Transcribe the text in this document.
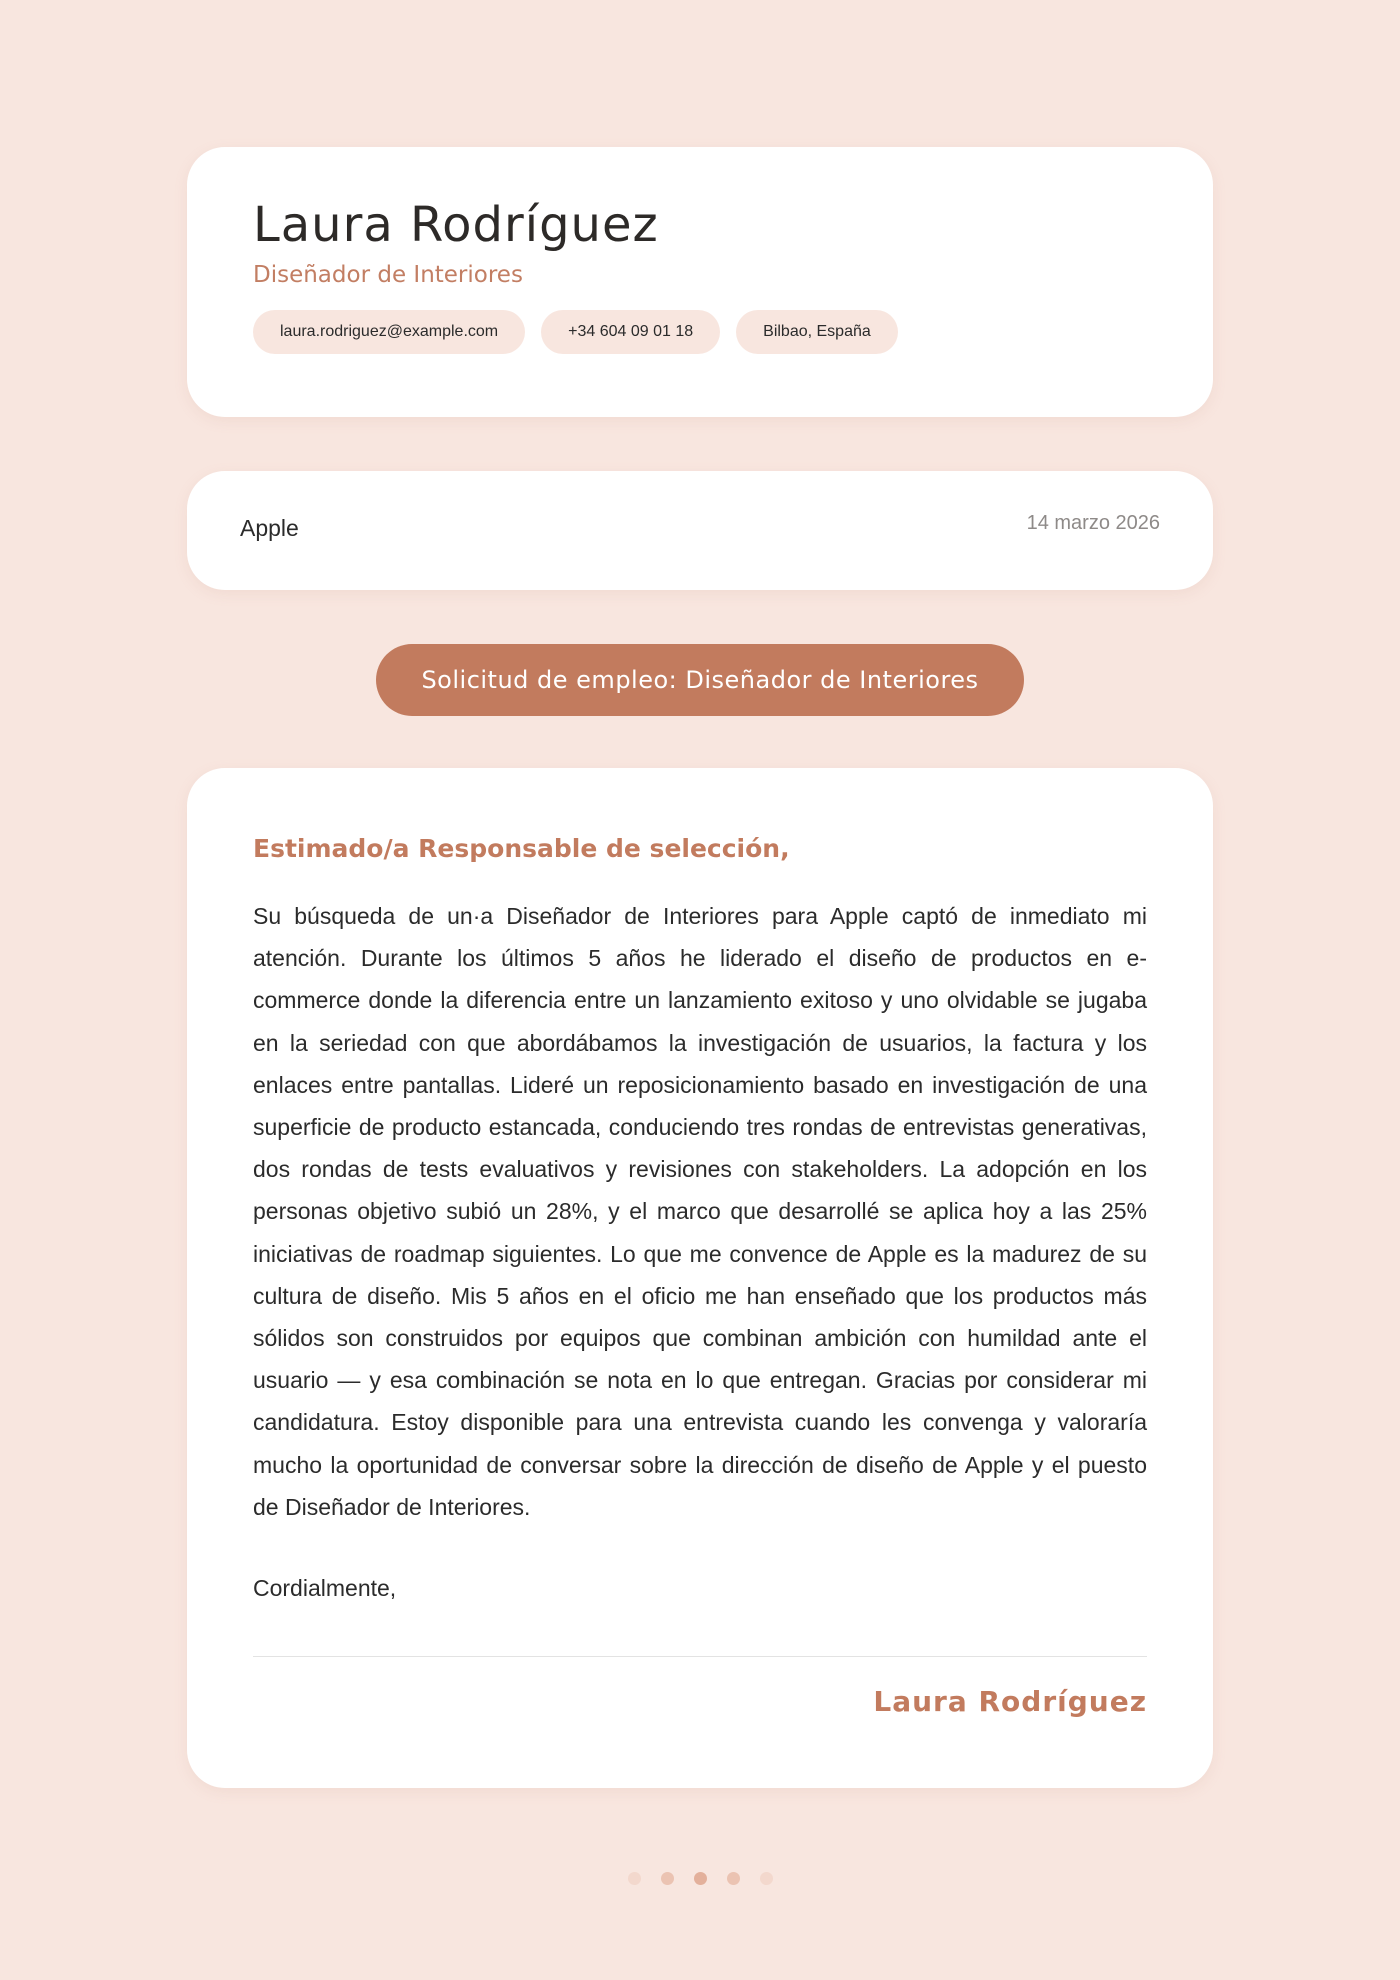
Laura Rodríguez
Diseñador de Interiores
laura.rodriguez@example.com	+34 604 09 01 18	Bilbao, España
Apple	14 marzo 2026
Solicitud de empleo: Diseñador de Interiores
Estimado/a Responsable de selección,
Su búsqueda de un·a Diseñador de Interiores para Apple captó de inmediato mi atención. Durante los últimos 5 años he liderado el diseño de productos en e-commerce donde la diferencia entre un lanzamiento exitoso y uno olvidable se jugaba en la seriedad con que abordábamos la investigación de usuarios, la factura y los enlaces entre pantallas. Lideré un reposicionamiento basado en investigación de una superficie de producto estancada, conduciendo tres rondas de entrevistas generativas, dos rondas de tests evaluativos y revisiones con stakeholders. La adopción en los personas objetivo subió un 28%, y el marco que desarrollé se aplica hoy a las 25% iniciativas de roadmap siguientes. Lo que me convence de Apple es la madurez de su cultura de diseño. Mis 5 años en el oficio me han enseñado que los productos más sólidos son construidos por equipos que combinan ambición con humildad ante el usuario — y esa combinación se nota en lo que entregan. Gracias por considerar mi candidatura. Estoy disponible para una entrevista cuando les convenga y valoraría mucho la oportunidad de conversar sobre la dirección de diseño de Apple y el puesto de Diseñador de Interiores.
Cordialmente,
Laura Rodríguez
